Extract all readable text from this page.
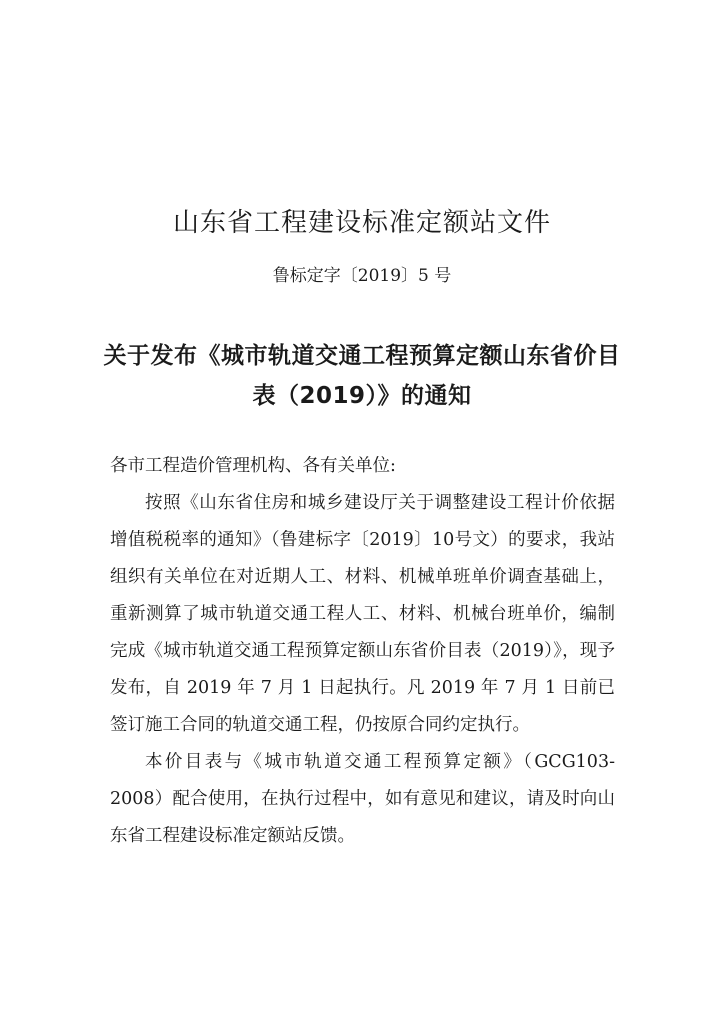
山东省工程建设标准定额站文件
鲁标定字〔2019〕5 号
关于发布《城市轨道交通工程预算定额山东省价目表（2019）》的通知

各市工程造价管理机构、各有关单位:

按照《山东省住房和城乡建设厅关于调整建设工程计价依据增值税税率的通知》（鲁建标字〔2019〕10号文）的要求，我站组织有关单位在对近期人工、材料、机械单班单价调查基础上，重新测算了城市轨道交通工程人工、材料、机械台班单价，编制完成《城市轨道交通工程预算定额山东省价目表（2019）》，现予发布，自 2019 年 7 月 1 日起执行。凡 2019 年 7 月 1 日前已签订施工合同的轨道交通工程，仍按原合同约定执行。

本价目表与《城市轨道交通工程预算定额》（GCG103-2008）配合使用，在执行过程中，如有意见和建议，请及时向山东省工程建设标准定额站反馈。
